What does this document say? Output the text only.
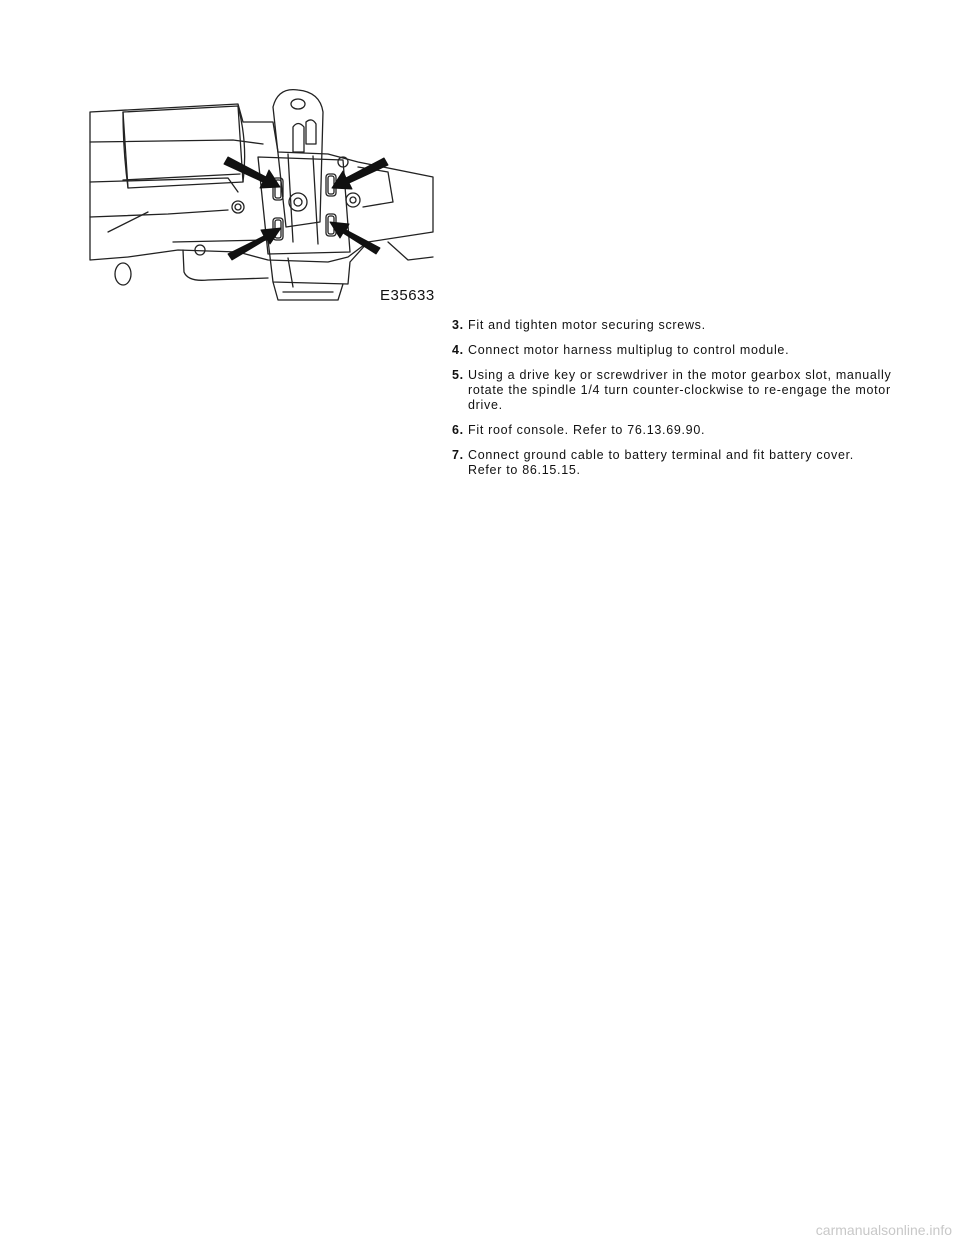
E35633
3. Fit and tighten motor securing screws.

4. Connect motor harness multiplug to control module.

5. Using a drive key or screwdriver in the motor gearbox slot, manually rotate the spindle 1/4 turn counter-clockwise to re-engage the motor drive.

6. Fit roof console. Refer to 76.13.69.90.

7. Connect ground cable to battery terminal and fit battery cover. Refer to 86.15.15.

carmanualsonline.info
